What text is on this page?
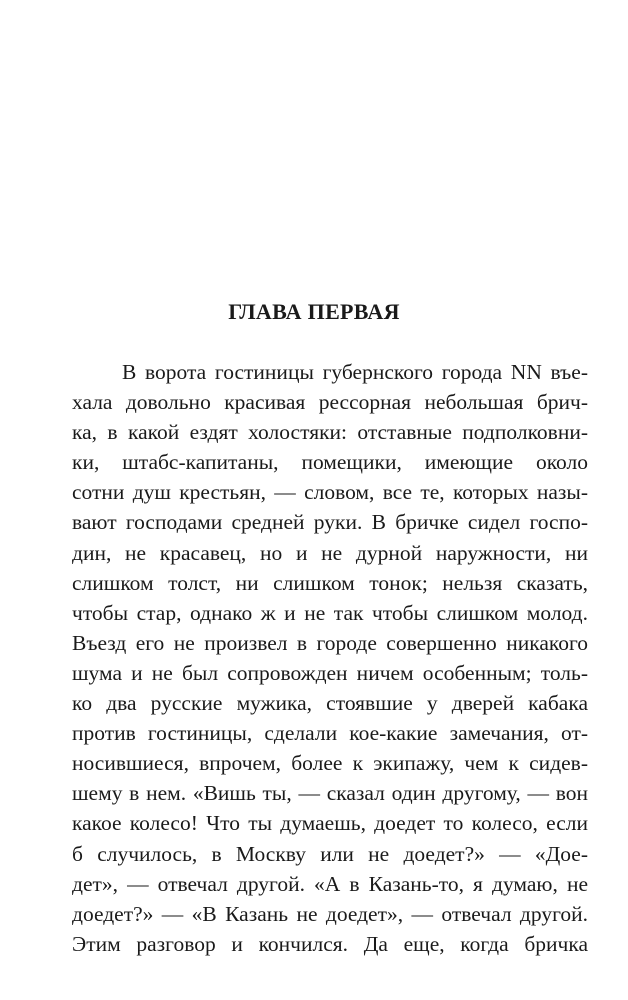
ГЛАВА ПЕРВАЯ
В ворота гостиницы губернского города NN въе-
хала довольно красивая рессорная небольшая брич-
ка, в какой ездят холостяки: отставные подполковни-
ки, штабс-капитаны, помещики, имеющие около
сотни душ крестьян, — словом, все те, которых назы-
вают господами средней руки. В бричке сидел госпо-
дин, не красавец, но и не дурной наружности, ни
слишком толст, ни слишком тонок; нельзя сказать,
чтобы стар, однако ж и не так чтобы слишком молод.
Въезд его не произвел в городе совершенно никакого
шума и не был сопровожден ничем особенным; толь-
ко два русские мужика, стоявшие у дверей кабака
против гостиницы, сделали кое-какие замечания, от-
носившиеся, впрочем, более к экипажу, чем к сидев-
шему в нем. «Вишь ты, — сказал один другому, — вон
какое колесо! Что ты думаешь, доедет то колесо, если
б случилось, в Москву или не доедет?» — «Дое-
дет», — отвечал другой. «А в Казань-то, я думаю, не
доедет?» — «В Казань не доедет», — отвечал другой.
Этим разговор и кончился. Да еще, когда бричка
